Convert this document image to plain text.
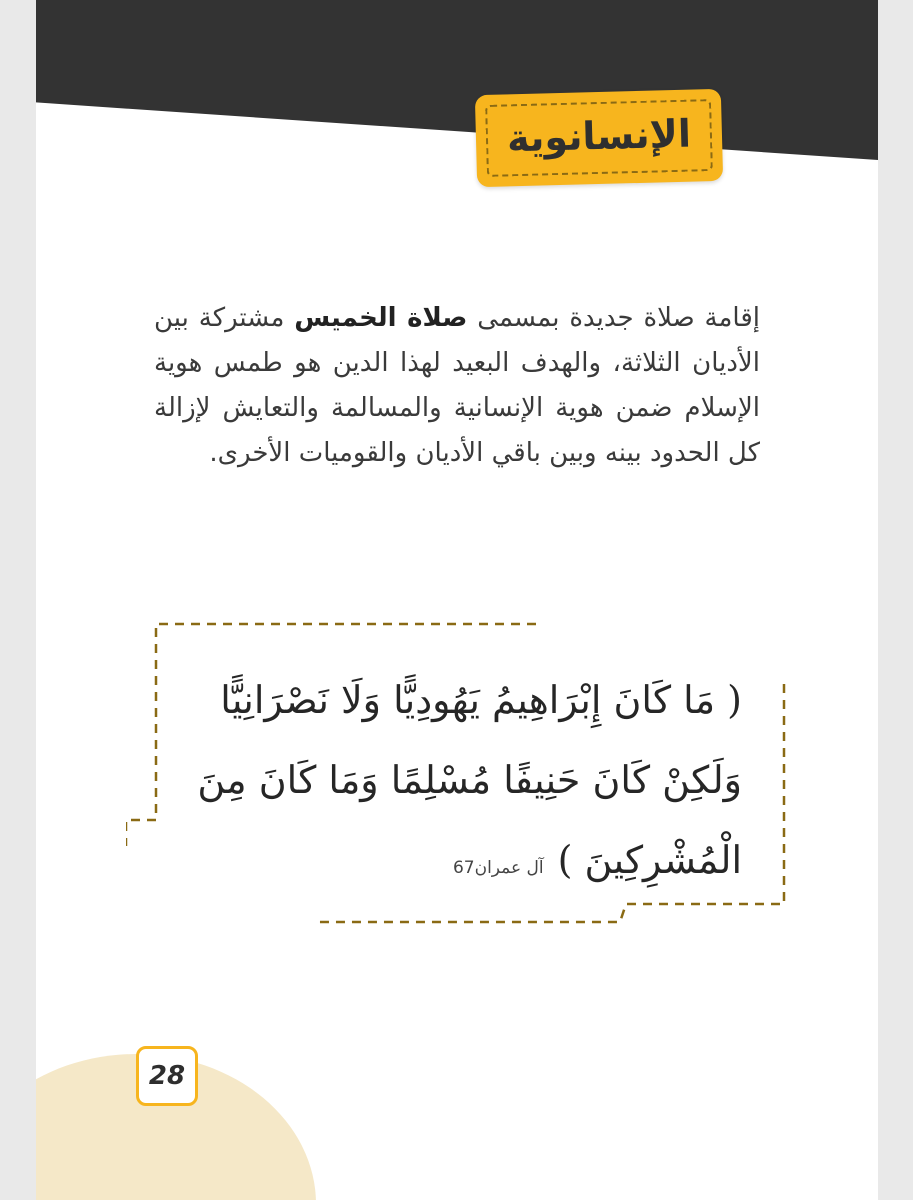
الإنسانوية
إقامة صلاة جديدة بمسمى صلاة الخميس مشتركة بين الأديان الثلاثة، والهدف البعيد لهذا الدين هو طمس هوية الإسلام ضمن هوية الإنسانية والمسالمة والتعايش لإزالة كل الحدود بينه وبين باقي الأديان والقوميات الأخرى.
( مَا كَانَ إِبْرَاهِيمُ يَهُودِيًّا وَلَا نَصْرَانِيًّا
وَلَكِنْ كَانَ حَنِيفًا مُسْلِمًا وَمَا كَانَ مِنَ
الْمُشْرِكِينَ )آل عمران67
28
